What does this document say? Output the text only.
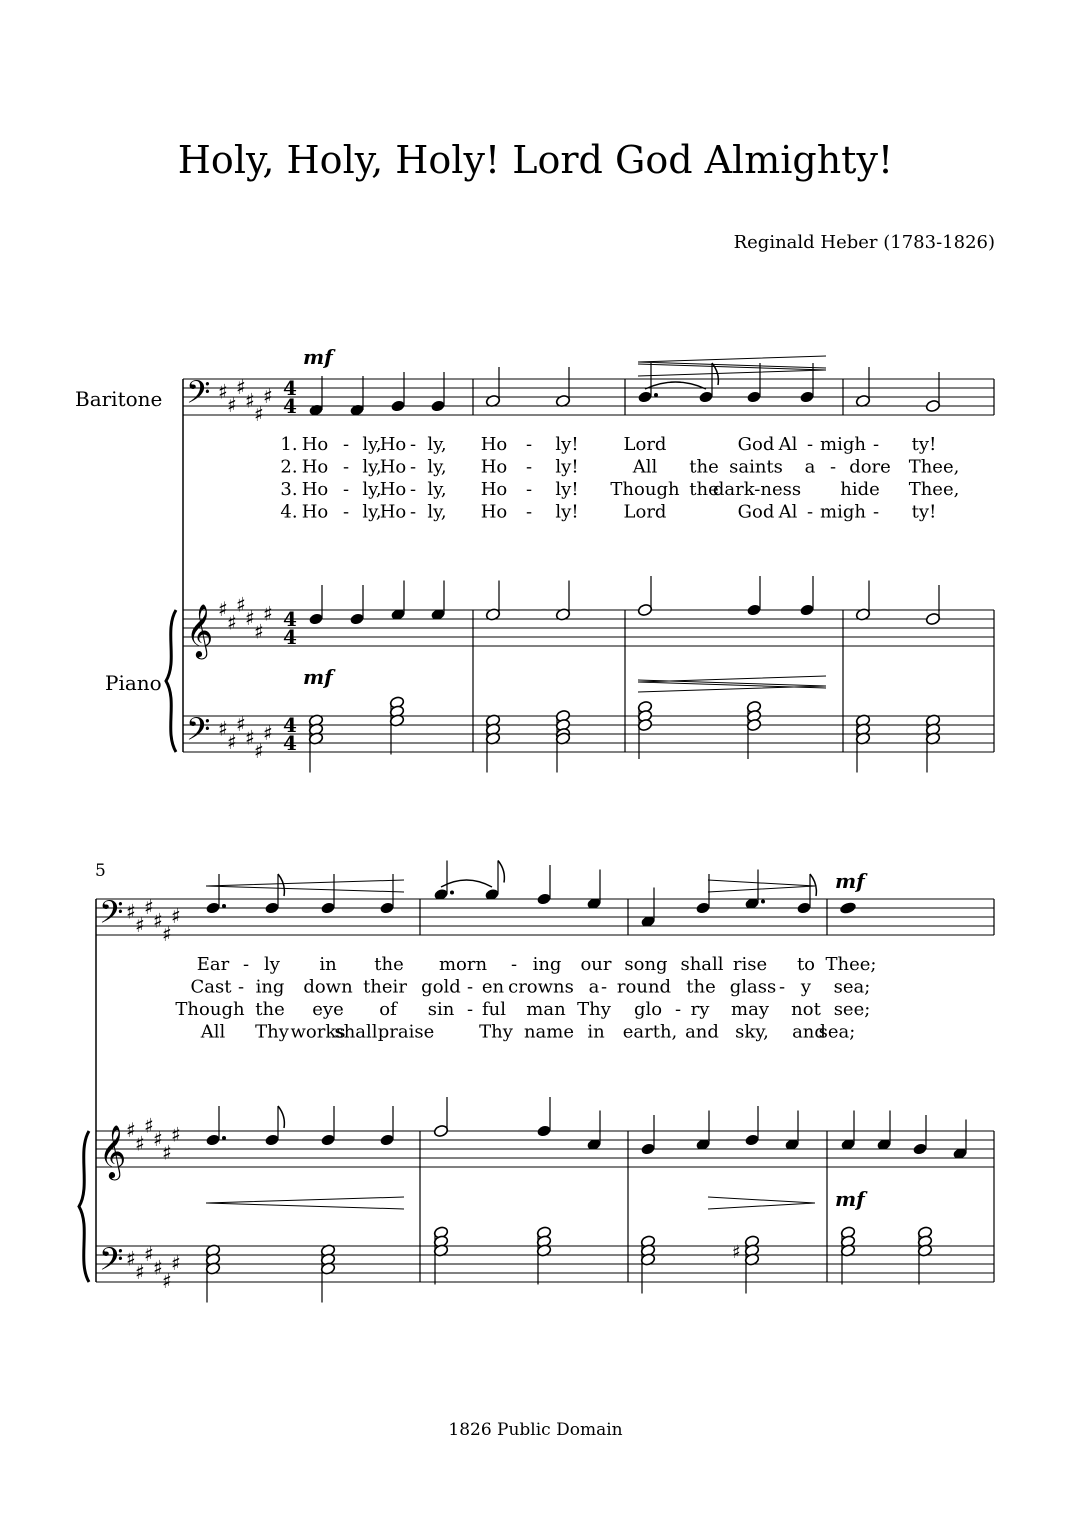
Holy, Holy, Holy! Lord God Almighty!
Reginald Heber (1783-1826)
1826 Public Domain
Baritone
Piano
5
𝄢 ♯
♯
♯
♯
♯
♯ 4
4
𝄞 ♯
♯
♯
♯
♯
♯ 4
4
𝄢 ♯
♯
♯
♯
♯
♯ 4
4
mf
mf
1. Ho - ly,
Ho - ly, Ho - ly! Lord	God Al - migh - ty!
2. Ho - ly,
Ho - ly, Ho - ly!	All the saints a - dore Thee,
3. Ho - ly,
Ho - ly, Ho - ly! Though the
dark-ness hide Thee,
4. Ho - ly,
Ho - ly, Ho - ly! Lord	God Al - migh - ty!
𝄢 ♯
♯
♯
♯
♯
♯
𝄞 ♯
♯
♯
♯
♯
♯
𝄢 ♯
♯
♯
♯
♯
♯
mf
mf
♯
Ear - ly in the morn - ing our song shall rise to Thee;
Cast - ing down their gold - en crowns a - round the glass - y sea;
Though the eye of sin - ful man Thy glo - ry may not see;
All Thy works
shall praise Thy name in earth, and sky, and
sea;
